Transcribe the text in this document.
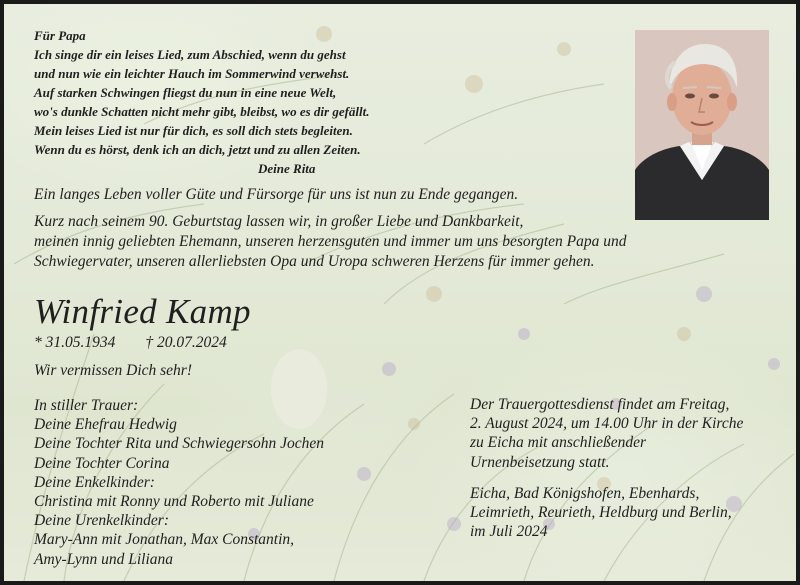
Für Papa
Ich singe dir ein leises Lied, zum Abschied, wenn du gehst
und nun wie ein leichter Hauch im Sommerwind verwehst.
Auf starken Schwingen fliegst du nun in eine neue Welt,
wo's dunkle Schatten nicht mehr gibt, bleibst, wo es dir gefällt.
Mein leises Lied ist nur für dich, es soll dich stets begleiten.
Wenn du es hörst, denk ich an dich, jetzt und zu allen Zeiten.
Deine Rita
Ein langes Leben voller Güte und Fürsorge für uns ist nun zu Ende gegangen.
Kurz nach seinem 90. Geburtstag lassen wir, in großer Liebe und Dankbarkeit,
meinen innig geliebten Ehemann, unseren herzensguten und immer um uns besorgten Papa und
Schwiegervater, unseren allerliebsten Opa und Uropa schweren Herzens für immer gehen.
Winfried Kamp
* 31.05.1934 † 20.07.2024
Wir vermissen Dich sehr!
In stiller Trauer:
Deine Ehefrau Hedwig
Deine Tochter Rita und Schwiegersohn Jochen
Deine Tochter Corina
Deine Enkelkinder:
Christina mit Ronny und Roberto mit Juliane
Deine Urenkelkinder:
Mary-Ann mit Jonathan, Max Constantin,
Amy-Lynn und Liliana
Der Trauergottesdienst findet am Freitag,
2. August 2024, um 14.00 Uhr in der Kirche
zu Eicha mit anschließender
Urnenbeisetzung statt.
Eicha, Bad Königshofen, Ebenhards,
Leimrieth, Reurieth, Heldburg und Berlin,
im Juli 2024
